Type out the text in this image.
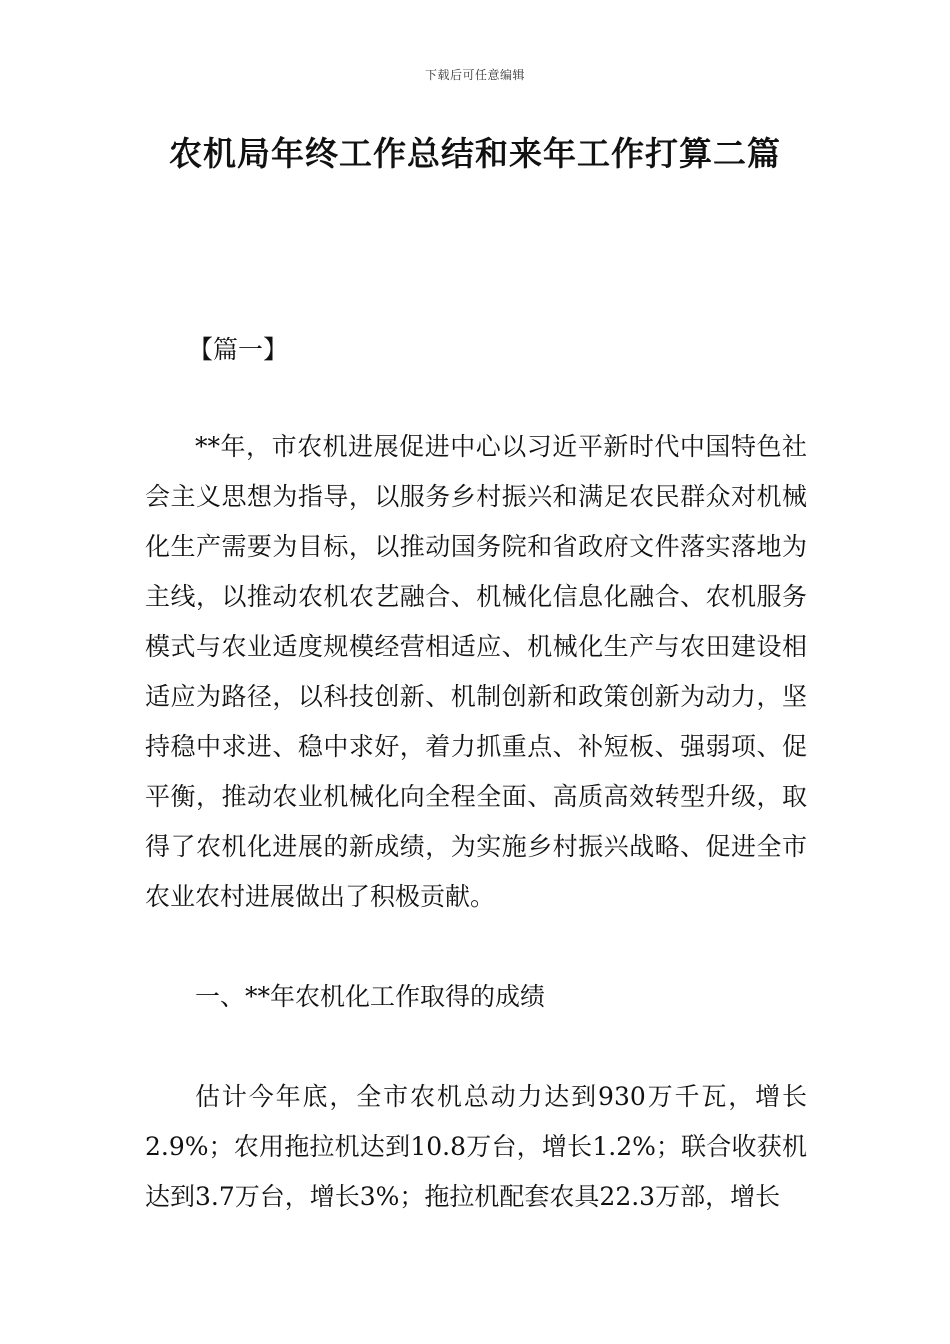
下载后可任意编辑
农机局年终工作总结和来年工作打算二篇
【篇一】

**年，市农机进展促进中心以习近平新时代中国特色社会主义思想为指导，以服务乡村振兴和满足农民群众对机械化生产需要为目标，以推动国务院和省政府文件落实落地为主线，以推动农机农艺融合、机械化信息化融合、农机服务模式与农业适度规模经营相适应、机械化生产与农田建设相适应为路径，以科技创新、机制创新和政策创新为动力，坚持稳中求进、稳中求好，着力抓重点、补短板、强弱项、促平衡，推动农业机械化向全程全面、高质高效转型升级，取得了农机化进展的新成绩，为实施乡村振兴战略、促进全市农业农村进展做出了积极贡献。

一、**年农机化工作取得的成绩

估计今年底，全市农机总动力达到930万千瓦，增长2.9%；农用拖拉机达到10.8万台，增长1.2%；联合收获机达到3.7万台，增长3%；拖拉机配套农具22.3万部，增长
